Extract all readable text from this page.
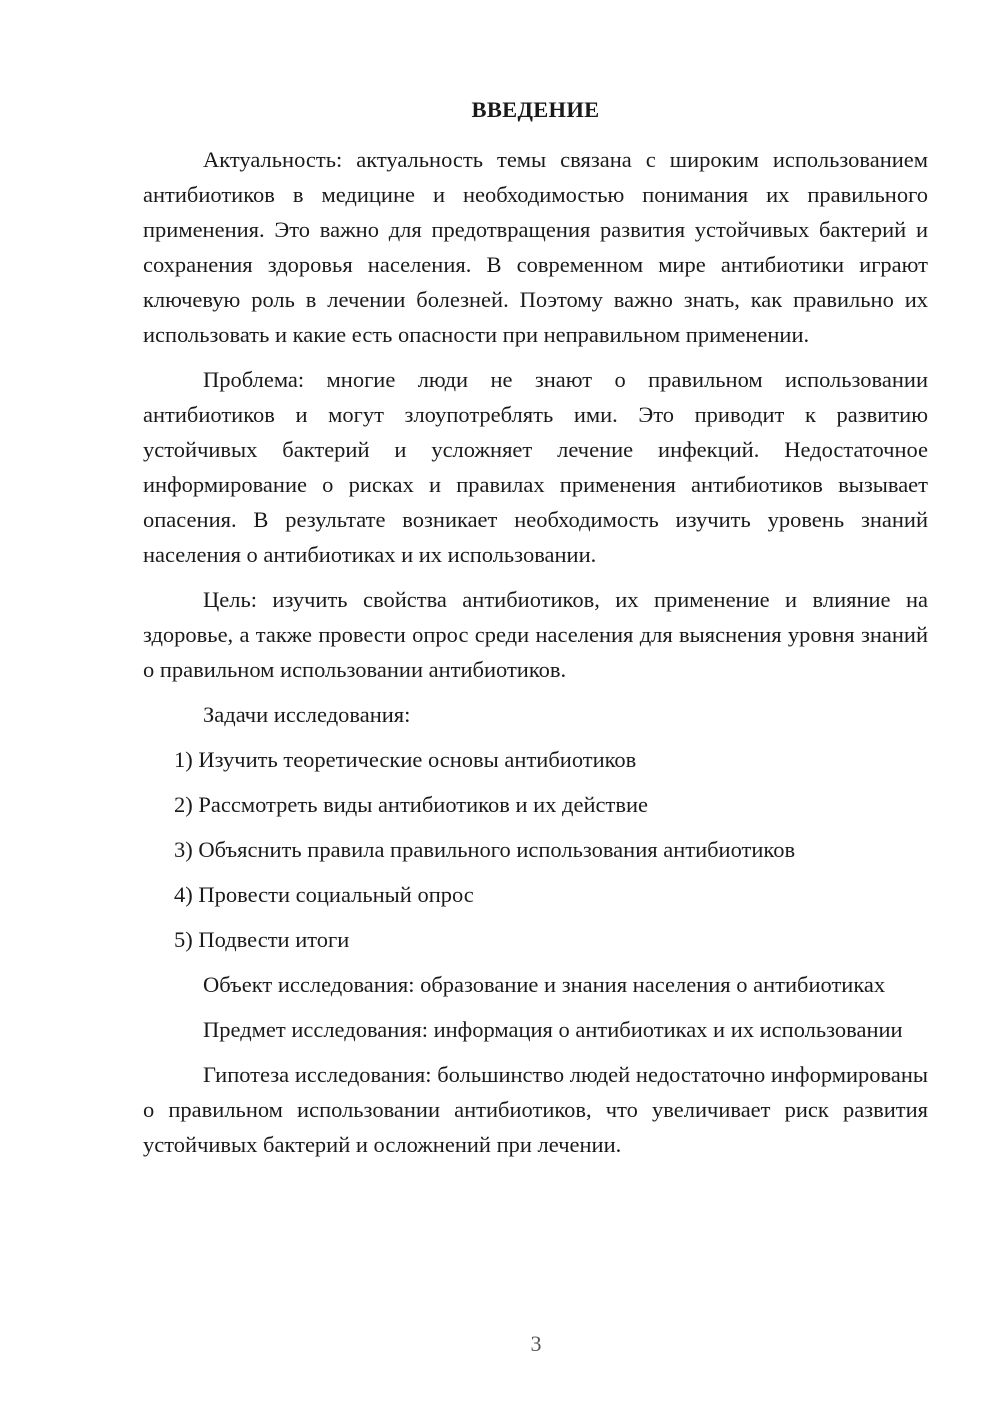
ВВЕДЕНИЕ

Актуальность: актуальность темы связана с широким использованием антибиотиков в медицине и необходимостью понимания их правильного применения. Это важно для предотвращения развития устойчивых бактерий и сохранения здоровья населения. В современном мире антибиотики играют ключевую роль в лечении болезней. Поэтому важно знать, как правильно их использовать и какие есть опасности при неправильном применении.

Проблема: многие люди не знают о правильном использовании антибиотиков и могут злоупотреблять ими. Это приводит к развитию устойчивых бактерий и усложняет лечение инфекций. Недостаточное информирование о рисках и правилах применения антибиотиков вызывает опасения. В результате возникает необходимость изучить уровень знаний населения о антибиотиках и их использовании.

Цель: изучить свойства антибиотиков, их применение и влияние на здоровье, а также провести опрос среди населения для выяснения уровня знаний о правильном использовании антибиотиков.

Задачи исследования:
1) Изучить теоретические основы антибиотиков
2) Рассмотреть виды антибиотиков и их действие
3) Объяснить правила правильного использования антибиотиков
4) Провести социальный опрос
5) Подвести итоги

Объект исследования: образование и знания населения о антибиотиках

Предмет исследования: информация о антибиотиках и их использовании

Гипотеза исследования: большинство людей недостаточно информированы о правильном использовании антибиотиков, что увеличивает риск развития устойчивых бактерий и осложнений при лечении.

3
